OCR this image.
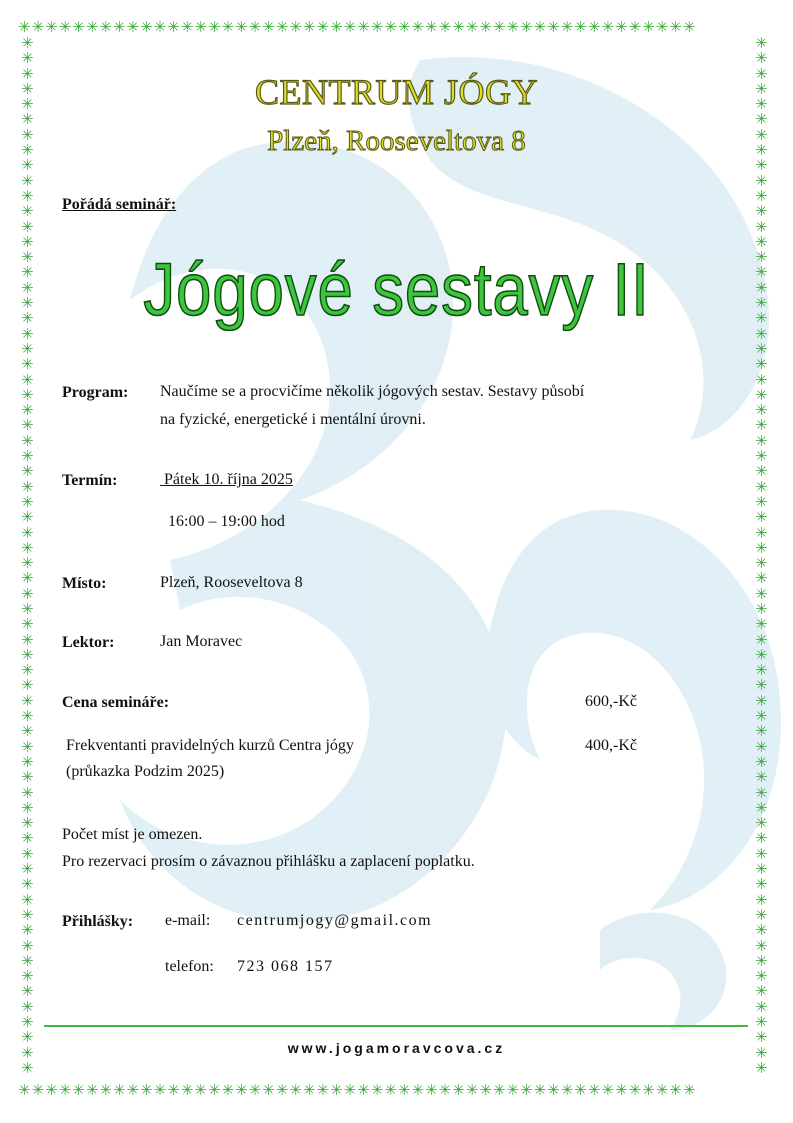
✳✳✳✳✳✳✳✳✳✳✳✳✳✳✳✳✳✳✳✳✳✳✳✳✳✳✳✳✳✳✳✳✳✳✳✳✳✳✳✳✳✳✳✳✳✳✳✳✳✳
✳✳✳✳✳✳✳✳✳✳✳✳✳✳✳✳✳✳✳✳✳✳✳✳✳✳✳✳✳✳✳✳✳✳✳✳✳✳✳✳✳✳✳✳✳✳✳✳✳✳
✳✳✳✳✳✳✳✳✳✳✳✳✳✳✳✳✳✳✳✳✳✳✳✳✳✳✳✳✳✳✳✳✳✳✳✳✳✳✳✳✳✳✳✳✳✳✳✳✳✳✳✳✳✳✳✳✳✳✳✳✳✳✳✳✳✳✳✳
✳✳✳✳✳✳✳✳✳✳✳✳✳✳✳✳✳✳✳✳✳✳✳✳✳✳✳✳✳✳✳✳✳✳✳✳✳✳✳✳✳✳✳✳✳✳✳✳✳✳✳✳✳✳✳✳✳✳✳✳✳✳✳✳✳✳✳✳
CENTRUM JÓGY
Plzeň, Rooseveltova 8
Pořádá seminář:
Jógové sestavy II
Program: Naučíme se a procvičíme několik jógových sestav. Sestavy působí
na fyzické, energetické i mentální úrovni.
Termín:	Pátek 10. října 2025
16:00 – 19:00 hod
Místo:	Plzeň, Rooseveltova 8
Lektor:	Jan Moravec
Cena semináře:	600,-Kč
Frekventanti pravidelných kurzů Centra jógy	400,-Kč
(průkazka Podzim 2025)
Počet míst je omezen.
Pro rezervaci prosím o závaznou přihlášku a zaplacení poplatku.
Přihlášky: e-mail: centrumjogy@gmail.com
telefon: 723 068 157
www.jogamoravcova.cz
